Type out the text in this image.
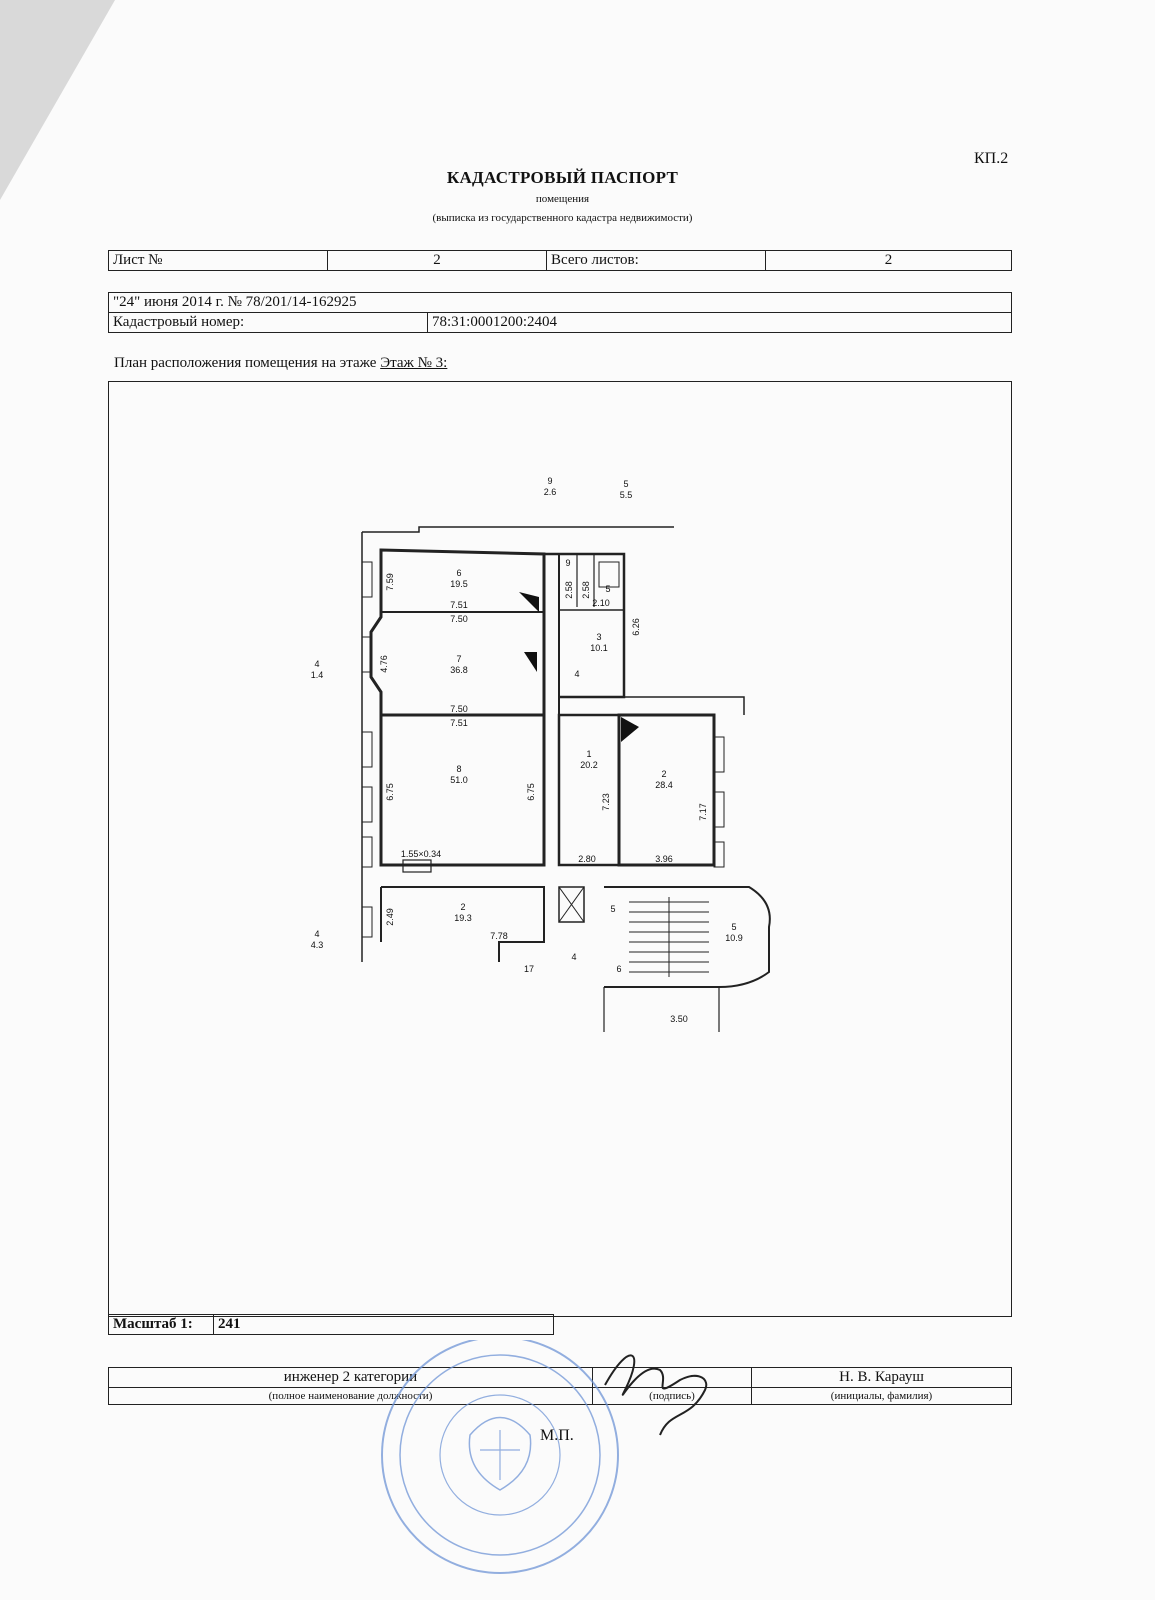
КП.2
КАДАСТРОВЫЙ ПАСПОРТ
помещения
(выписка из государственного кадастра недвижимости)
Лист №	2	Всего листов:	2
"24" июня 2014 г. № 78/201/14-162925
Кадастровый номер:	78:31:0001200:2404
План расположения помещения на этаже Этаж № 3:
6
19.5
7
36.8
8
51.0
1
20.2
2
28.4
3
10.1
2
19.3
5
10.9
9
2.6
5
5.5
4
1.4
4
4.3
9
5
4
17
4
6
5
7.51
7.50
7.50
7.51
2.80	3.96
1.55×0.34
7.78
2.10
3.50
7.59
4.76
6.75	6.75
7.23
7.17
2.49
6.26
2.58 2.58
Масштаб 1:	241
инженер 2 категории		Н. В. Карауш
(полное наименование должности)	(подпись)	(инициалы, фамилия)
М.П.
